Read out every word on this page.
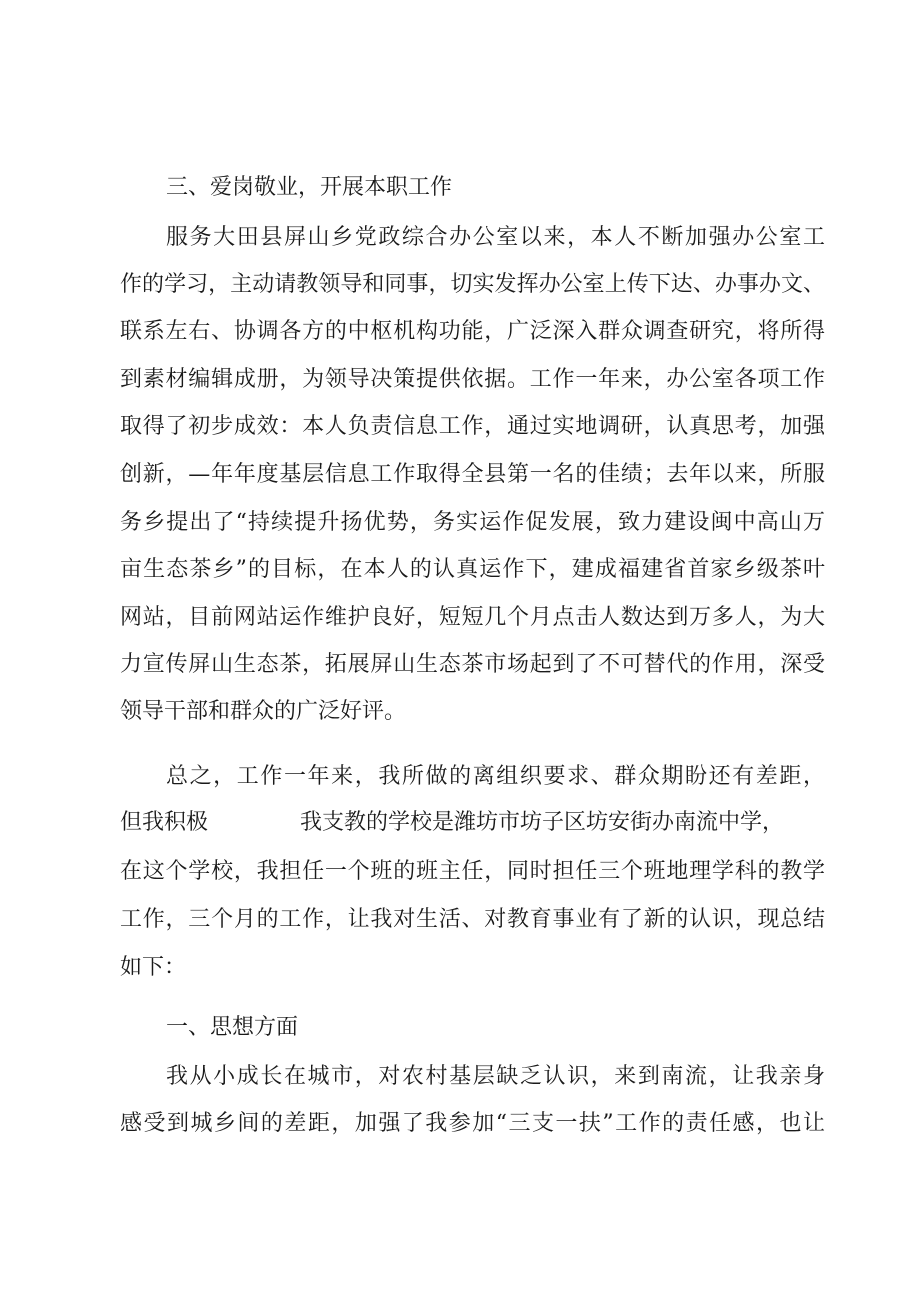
三、爱岗敬业，开展本职工作
服务大田县屏山乡党政综合办公室以来，本人不断加强办公室工
作的学习，主动请教领导和同事，切实发挥办公室上传下达、办事办文、
联系左右、协调各方的中枢机构功能，广泛深入群众调查研究，将所得
到素材编辑成册，为领导决策提供依据。工作一年来，办公室各项工作
取得了初步成效：本人负责信息工作，通过实地调研，认真思考，加强
创新，—年年度基层信息工作取得全县第一名的佳绩；去年以来，所服
务乡提出了“持续提升扬优势，务实运作促发展，致力建设闽中高山万
亩生态茶乡”的目标，在本人的认真运作下，建成福建省首家乡级茶叶
网站，目前网站运作维护良好，短短几个月点击人数达到万多人，为大
力宣传屏山生态茶，拓展屏山生态茶市场起到了不可替代的作用，深受
领导干部和群众的广泛好评。
总之，工作一年来，我所做的离组织要求、群众期盼还有差距，
但我积极	我支教的学校是潍坊市坊子区坊安街办南流中学，
在这个学校，我担任一个班的班主任，同时担任三个班地理学科的教学
工作，三个月的工作，让我对生活、对教育事业有了新的认识，现总结
如下：
一、思想方面
我从小成长在城市，对农村基层缺乏认识，来到南流，让我亲身
感受到城乡间的差距，加强了我参加“三支一扶”工作的责任感，也让
